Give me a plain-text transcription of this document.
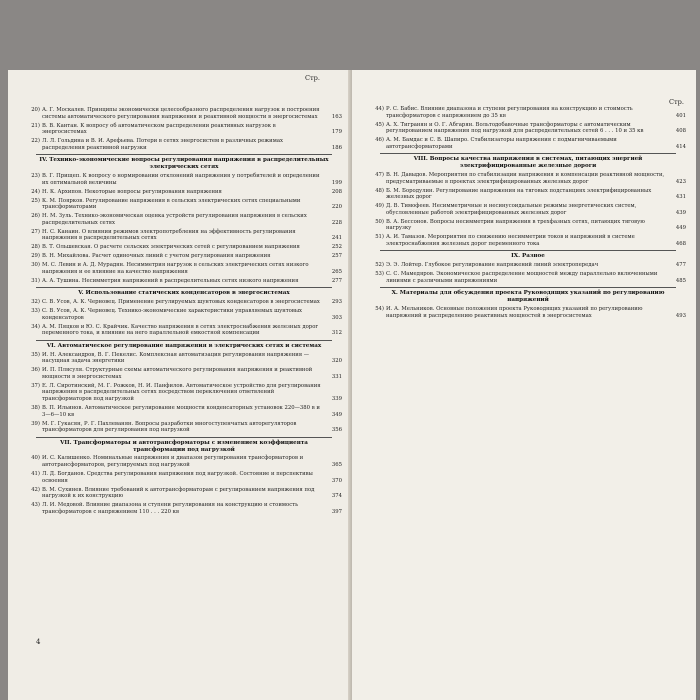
Стр.
20) А. Г. Москалев. Принципы экономически целесообразного распределения нагрузок и построения системы автоматического регулирования напряжения и реактивной мощности в энергосистемах	163
21) В. В. Кантан. К вопросу об автоматическом распределении реактивных нагрузок в энергосистемах	179
22) Л. Л. Гольдина и В. И. Арефьева. Потери в сетях энергосистем в различных режимах распределения реактивной нагрузки	186
IV. Технико-экономические вопросы регулирования напряжения в распределительных электрических сетях
23) В. Г. Прищеп. К вопросу о нормировании отклонений напряжения у потребителей и определении их оптимальной величины	199
24) Н. К. Архипов. Некоторые вопросы регулирования напряжения	208
25) К. М. Поярков. Регулирование напряжения в сельских электрических сетях специальными трансформаторами	220
26) Н. М. Зуль. Технико-экономическая оценка устройств регулирования напряжения в сельских распределительных сетях	228
27) Н. С. Канаин. О влиянии режимов электропотребления на эффективность регулирования напряжения в распределительных сетях	241
28) В. Т. Ольшевская. О расчете сельских электрических сетей с регулированием напряжения	252
29) В. Н. Михайлова. Расчет одиночных линий с учетом регулирования напряжения	257
30) М. С. Левин и А. Д. Мурадян. Несимметрия нагрузок в сельских электрических сетях низкого напряжения и ее влияние на качество напряжения	265
31) А. А. Тушина. Несимметрия напряжений в распределительных сетях низкого напряжения	277
V. Использование статических конденсаторов в энергосистемах
32) С. В. Усов, А. К. Черновец. Применение регулируемых шунтовых конденсаторов в энергосистемах	293
33) С. В. Усов, А. К. Черновец. Технико-экономические характеристики управляемых шунтовых конденсаторов	303
34) А. М. Пяцков и Ю. С. Крайчик. Качество напряжения в сетях электроснабжения железных дорог переменного тока, и влияние на него параллельной емкостной компенсации	312
VI. Автоматическое регулирование напряжения в электрических сетях и системах
35) И. Н. Александров, В. Г. Пекелис. Комплексная автоматизация регулирования напряжения — насущная задача энергетики	320
36) И. П. Плясуля. Структурные схемы автоматического регулирования напряжения и реактивной мощности в энергосистемах	331
37) Е. Л. Сиротинский, М. Г. Рожков, Н. И. Панфилов. Автоматическое устройство для регулирования напряжения в распределительных сетях посредством переключения ответвлений трансформаторов под нагрузкой	339
38) В. П. Ильинов. Автоматическое регулирование мощности конденсаторных установок 220—380 в и 3—6—10 кв	349
39) М. Г. Гукасян, Р. Г. Пахлеванян. Вопросы разработки многоступенчатых авторегуляторов трансформаторов для регулирования под нагрузкой	356
VII. Трансформаторы и автотрансформаторы с изменением коэффициента трансформации под нагрузкой
40) И. С. Калишенко. Номинальные напряжения и диапазон регулирования трансформаторов и автотрансформаторов, регулируемых под нагрузкой	365
41) Л. Д. Богданов. Средства регулирования напряжения под нагрузкой. Состояние и перспективы освоения	370
42) В. М. Сухинев. Влияние требований к автотрансформаторам с регулированием напряжения под нагрузкой к их конструкцию	374
43) Л. И. Медовой. Влияние диапазона и ступени регулирования на конструкцию и стоимость трансформаторов с напряжением 110 . . . 220 кв	397
4
Стр.
44) Р. С. Бабис. Влияние диапазона и ступени регулирования на конструкцию и стоимость трансформаторов с напряжением до 35 кв	401
45) А. Х. Тигранян и О. Г. Абгарян. Вольтодобавочные трансформаторы с автоматическим регулированием напряжения под нагрузкой для распределительных сетей 6 . . . 10 и 35 кв	408
46) А. М. Бамдас и С. В. Шапиро. Стабилизаторы напряжения с подмагничиваемыми автотрансформаторами	414
VIII. Вопросы качества напряжения в системах, питающих энергией электрифицированные железные дороги
47) В. Н. Давыдов. Мероприятия по стабилизации напряжения и компенсации реактивной мощности, предусматриваемые в проектах электрифицированных железных дорог	423
48) Б. М. Бородулин. Регулирование напряжения на тяговых подстанциях электрифицированных железных дорог	431
49) Д. В. Тимофеев. Несимметричные и несинусоидальные режимы энергетических систем, обусловленные работой электрифицированных железных дорог	439
50) В. А. Бессонов. Вопросы несимметрии напряжения в трехфазных сетях, питающих тяговую нагрузку	449
51) А. И. Тамазов. Мероприятия по снижению несимметрии токов и напряжений в системе электроснабжения железных дорог переменного тока	468
IX. Разное
52) Э. Э. Лойтер. Глубокое регулирование напряжений линий электропередач	477
53) С. С. Мамедяров. Экономическое распределение мощностей между параллельно включенными линиями с различными напряжениями	485
X. Материалы для обсуждения проекта Руководящих указаний по регулированию напряжений
54) И. А. Мельников. Основные положения проекта Руководящих указаний по регулированию напряжений и распределению реактивных мощностей в энергосистемах	493
